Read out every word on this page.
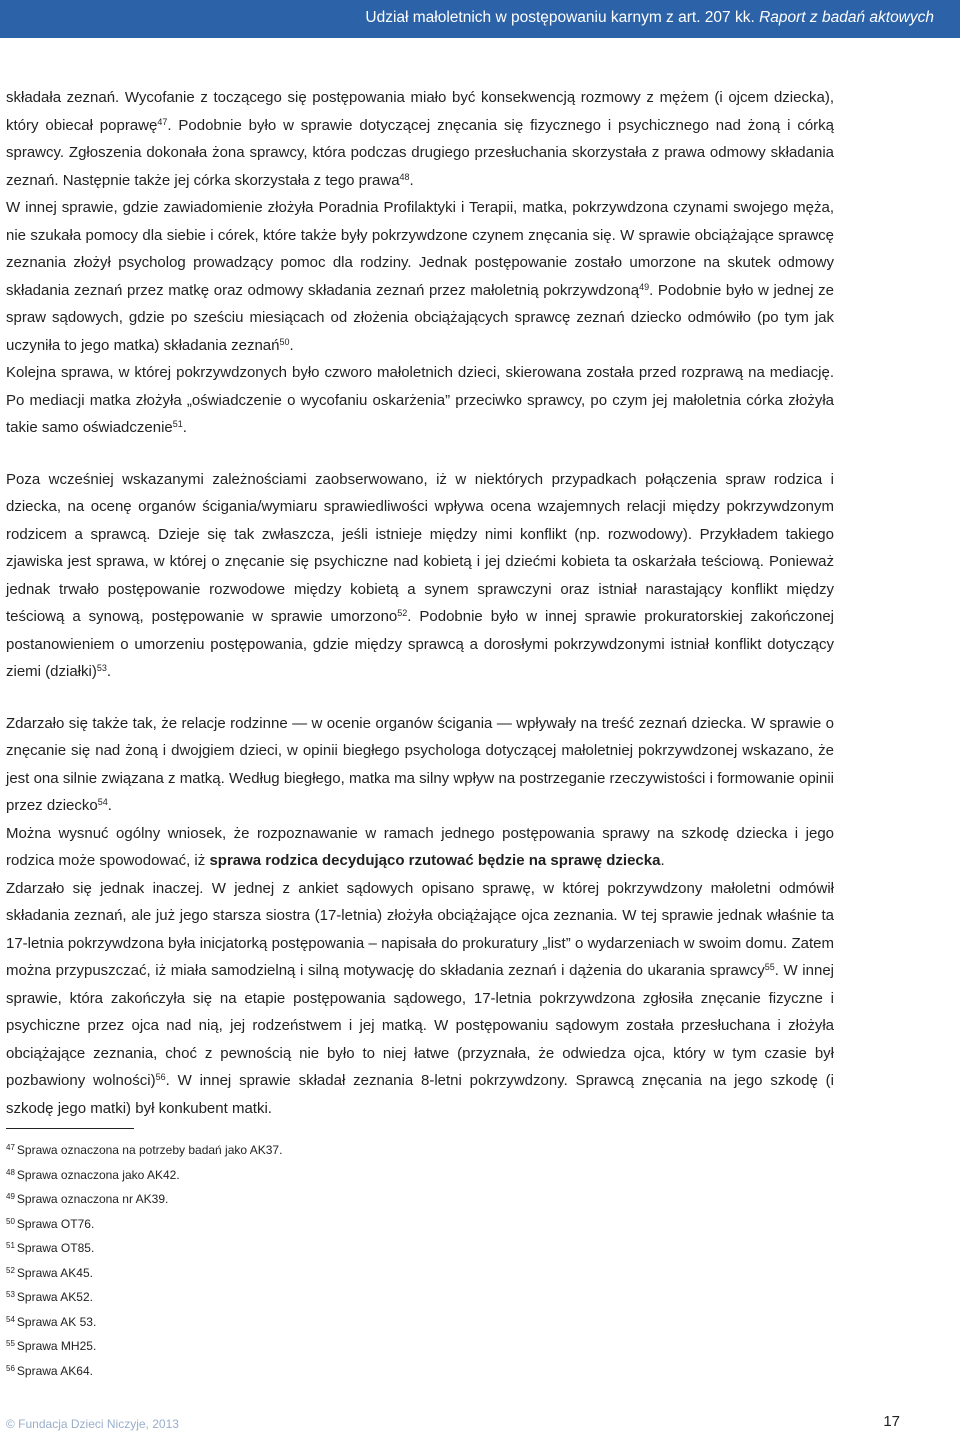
Udział małoletnich w postępowaniu karnym z art. 207 kk. Raport z badań aktowych

składała zeznań. Wycofanie z toczącego się postępowania miało być konsekwencją rozmowy z mężem (i ojcem dziecka), który obiecał poprawę$^{47}$. Podobnie było w sprawie dotyczącej znęcania się fizycznego i psychicznego nad żoną i córką sprawcy. Zgłoszenia dokonała żona sprawcy, która podczas drugiego przesłuchania skorzystała z prawa odmowy składania zeznań. Następnie także jej córka skorzystała z tego prawa$^{48}$.

W innej sprawie, gdzie zawiadomienie złożyła Poradnia Profilaktyki i Terapii, matka, pokrzywdzona czynami swojego męża, nie szukała pomocy dla siebie i córek, które także były pokrzywdzone czynem znęcania się. W sprawie obciążające sprawcę zeznania złożył psycholog prowadzący pomoc dla rodziny. Jednak postępowanie zostało umorzone na skutek odmowy składania zeznań przez matkę oraz odmowy składania zeznań przez małoletnią pokrzywdzoną$^{49}$. Podobnie było w jednej ze spraw sądowych, gdzie po sześciu miesiącach od złożenia obciążających sprawcę zeznań dziecko odmówiło (po tym jak uczyniła to jego matka) składania zeznań$^{50}$.

Kolejna sprawa, w której pokrzywdzonych było czworo małoletnich dzieci, skierowana została przed rozprawą na mediację. Po mediacji matka złożyła „oświadczenie o wycofaniu oskarżenia” przeciwko sprawcy, po czym jej małoletnia córka złożyła takie samo oświadczenie$^{51}$.

Poza wcześniej wskazanymi zależnościami zaobserwowano, iż w niektórych przypadkach połączenia spraw rodzica i dziecka, na ocenę organów ścigania/wymiaru sprawiedliwości wpływa ocena wzajemnych relacji między pokrzywdzonym rodzicem a sprawcą. Dzieje się tak zwłaszcza, jeśli istnieje między nimi konflikt (np. rozwodowy). Przykładem takiego zjawiska jest sprawa, w której o znęcanie się psychiczne nad kobietą i jej dziećmi kobieta ta oskarżała teściową. Ponieważ jednak trwało postępowanie rozwodowe między kobietą a synem sprawczyni oraz istniał narastający konflikt między teściową a synową, postępowanie w sprawie umorzono$^{52}$. Podobnie było w innej sprawie prokuratorskiej zakończonej postanowieniem o umorzeniu postępowania, gdzie między sprawcą a dorosłymi pokrzywdzonymi istniał konflikt dotyczący ziemi (działki)$^{53}$.

Zdarzało się także tak, że relacje rodzinne — w ocenie organów ścigania — wpływały na treść zeznań dziecka. W sprawie o znęcanie się nad żoną i dwojgiem dzieci, w opinii biegłego psychologa dotyczącej małoletniej pokrzywdzonej wskazano, że jest ona silnie związana z matką. Według biegłego, matka ma silny wpływ na postrzeganie rzeczywistości i formowanie opinii przez dziecko$^{54}$.

Można wysnuć ogólny wniosek, że rozpoznawanie w ramach jednego postępowania sprawy na szkodę dziecka i jego rodzica może spowodować, iż sprawa rodzica decydująco rzutować będzie na sprawę dziecka.

Zdarzało się jednak inaczej. W jednej z ankiet sądowych opisano sprawę, w której pokrzywdzony małoletni odmówił składania zeznań, ale już jego starsza siostra (17-letnia) złożyła obciążające ojca zeznania. W tej sprawie jednak właśnie ta 17-letnia pokrzywdzona była inicjatorką postępowania – napisała do prokuratury „list” o wydarzeniach w swoim domu. Zatem można przypuszczać, iż miała samodzielną i silną motywację do składania zeznań i dążenia do ukarania sprawcy$^{55}$. W innej sprawie, która zakończyła się na etapie postępowania sądowego, 17-letnia pokrzywdzona zgłosiła znęcanie fizyczne i psychiczne przez ojca nad nią, jej rodzeństwem i jej matką. W postępowaniu sądowym została przesłuchana i złożyła obciążające zeznania, choć z pewnością nie było to niej łatwe (przyznała, że odwiedza ojca, który w tym czasie był pozbawiony wolności)$^{56}$. W innej sprawie składał zeznania 8-letni pokrzywdzony. Sprawcą znęcania na jego szkodę (i szkodę jego matki) był konkubent matki.

$^{47}$ Sprawa oznaczona na potrzeby badań jako AK37.
$^{48}$ Sprawa oznaczona jako AK42.
$^{49}$ Sprawa oznaczona nr AK39.
$^{50}$ Sprawa OT76.
$^{51}$ Sprawa OT85.
$^{52}$ Sprawa AK45.
$^{53}$ Sprawa AK52.
$^{54}$ Sprawa AK 53.
$^{55}$ Sprawa MH25.
$^{56}$ Sprawa AK64.
© Fundacja Dzieci Niczyje, 2013	17
